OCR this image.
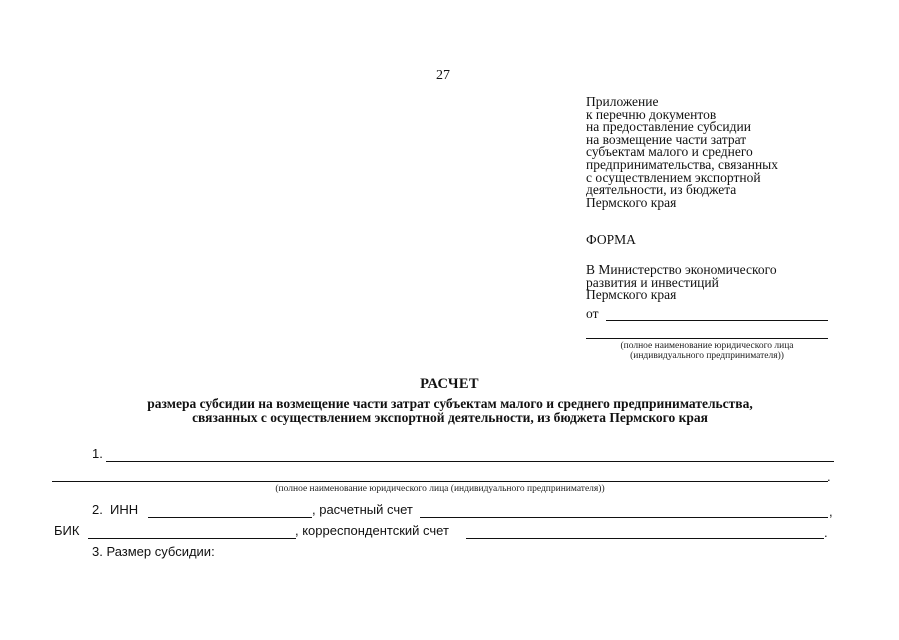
27
Приложение
к перечню документов
на предоставление субсидии
на возмещение части затрат
субъектам малого и среднего
предпринимательства, связанных
с осуществлением экспортной
деятельности, из бюджета
Пермского края
ФОРМА
В Министерство экономического
развития и инвестиций
Пермского края
от
(полное наименование юридического лица
(индивидуального предпринимателя))
РАСЧЕТ
размера субсидии на возмещение части затрат субъектам малого и среднего предпринимательства,
связанных с осуществлением экспортной деятельности, из бюджета Пермского края
1.
.
(полное наименование юридического лица (индивидуального предпринимателя))
2. ИНН	, расчетный счет	,
БИК	, корреспондентский счет	.
3. Размер субсидии:
